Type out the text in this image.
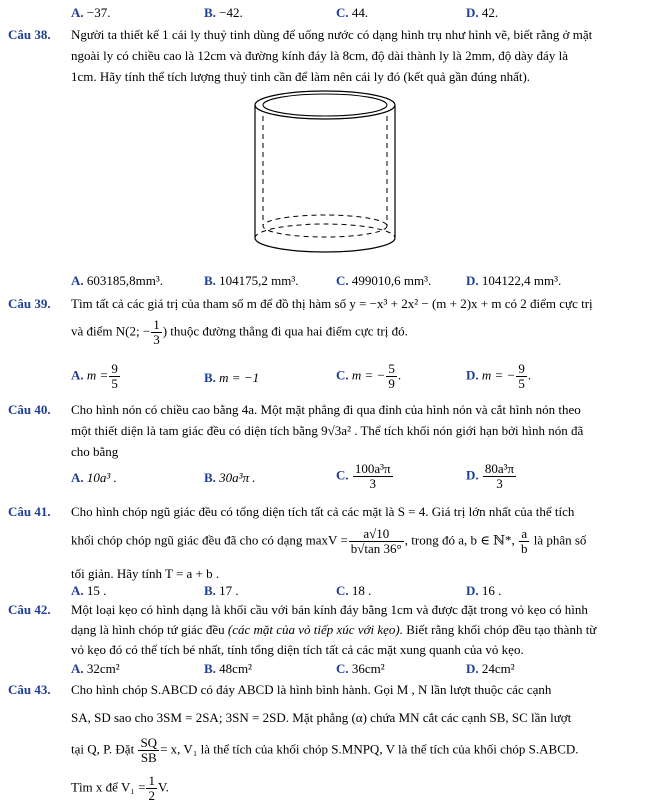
A. −37.	B. −42.	C. 44.	D. 42.
Câu 38. Người ta thiết kế 1 cái ly thuỷ tinh dùng để uống nước có dạng hình trụ như hình vẽ, biết rằng ở mặt
ngoài ly có chiều cao là 12cm và đường kính đáy là 8cm, độ dài thành ly là 2mm, độ dày đáy là
1cm. Hãy tính thể tích lượng thuỷ tinh cần để làm nên cái ly đó (kết quả gần đúng nhất).
A. 603185,8mm³.	B. 104175,2 mm³.	C. 499010,6 mm³.	D. 104122,4 mm³.
Câu 39. Tìm tất cả các giá trị của tham số m để đồ thị hàm số y = −x³ + 2x² − (m + 2)x + m có 2 điểm cực trị
và điểm N(2; − $\frac{1}{3}$ ) thuộc đường thẳng đi qua hai điểm cực trị đó.
A. $m = \frac{9}{5}$	B. m = −1	C. m = − $\frac{5}{9}$ .	D. m = − $\frac{9}{5}$ .
Câu 40. Cho hình nón có chiều cao bằng 4a. Một mặt phẳng đi qua đỉnh của hình nón và cắt hình nón theo
một thiết diện là tam giác đều có diện tích bằng 9√3a² . Thể tích khối nón giới hạn bởi hình nón đã
cho bằng
A. 10a³ .	B. 30a³π .	C. $\frac{\text{100a³π}}{3}$	D. $\frac{\text{80a³π}}{3}$
Câu 41. Cho hình chóp ngũ giác đều có tổng diện tích tất cả các mặt là S = 4. Giá trị lớn nhất của thể tích
khối chóp chóp ngũ giác đều đã cho có dạng $\max V = \frac{a√10}{b√\tan 36^\circ}$ , trong đó a, b ∈ ℕ*, $\frac{a}{b}$ là phân số
tối giản. Hãy tính T = a + b .
A. 15 .	B. 17 .	C. 18 .	D. 16 .
Câu 42. Một loại kẹo có hình dạng là khối cầu với bán kính đáy bằng 1cm và được đặt trong vỏ kẹo có hình
dạng là hình chóp tứ giác đều (các mặt của vỏ tiếp xúc với kẹo). Biết rằng khối chóp đều tạo thành từ
vỏ kẹo đó có thể tích bé nhất, tính tổng diện tích tất cả các mặt xung quanh của vỏ kẹo.
A. 32cm²	B. 48cm²	C. 36cm²	D. 24cm²
Câu 43. Cho hình chóp S.ABCD có đáy ABCD là hình bình hành. Gọi M , N lần lượt thuộc các cạnh
SA, SD sao cho 3SM = 2SA; 3SN = 2SD. Mặt phẳng (α) chứa MN cắt các cạnh SB, SC lần lượt
tại Q, P. Đặt $\frac{SQ}{SB} = x$, V₁ là thể tích của khối chóp S.MNPQ, V là thể tích của khối chóp S.ABCD.
Tìm x để $V_1 = \frac{1}{2} V$.
